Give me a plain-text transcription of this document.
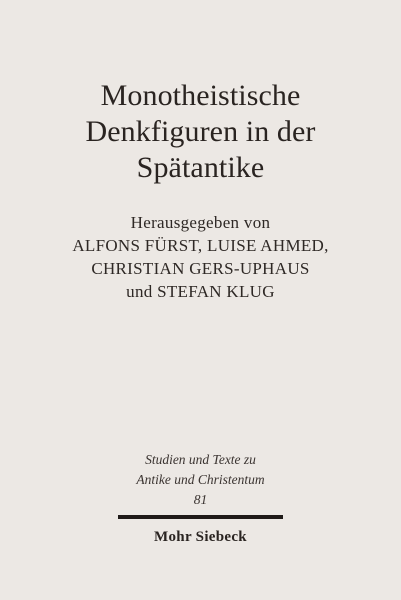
Monotheistische
Denkfiguren in der
Spätantike
Herausgegeben von
ALFONS FÜRST, LUISE AHMED,
CHRISTIAN GERS-UPHAUS
und STEFAN KLUG
Studien und Texte zu
Antike und Christentum
81
Mohr Siebeck
